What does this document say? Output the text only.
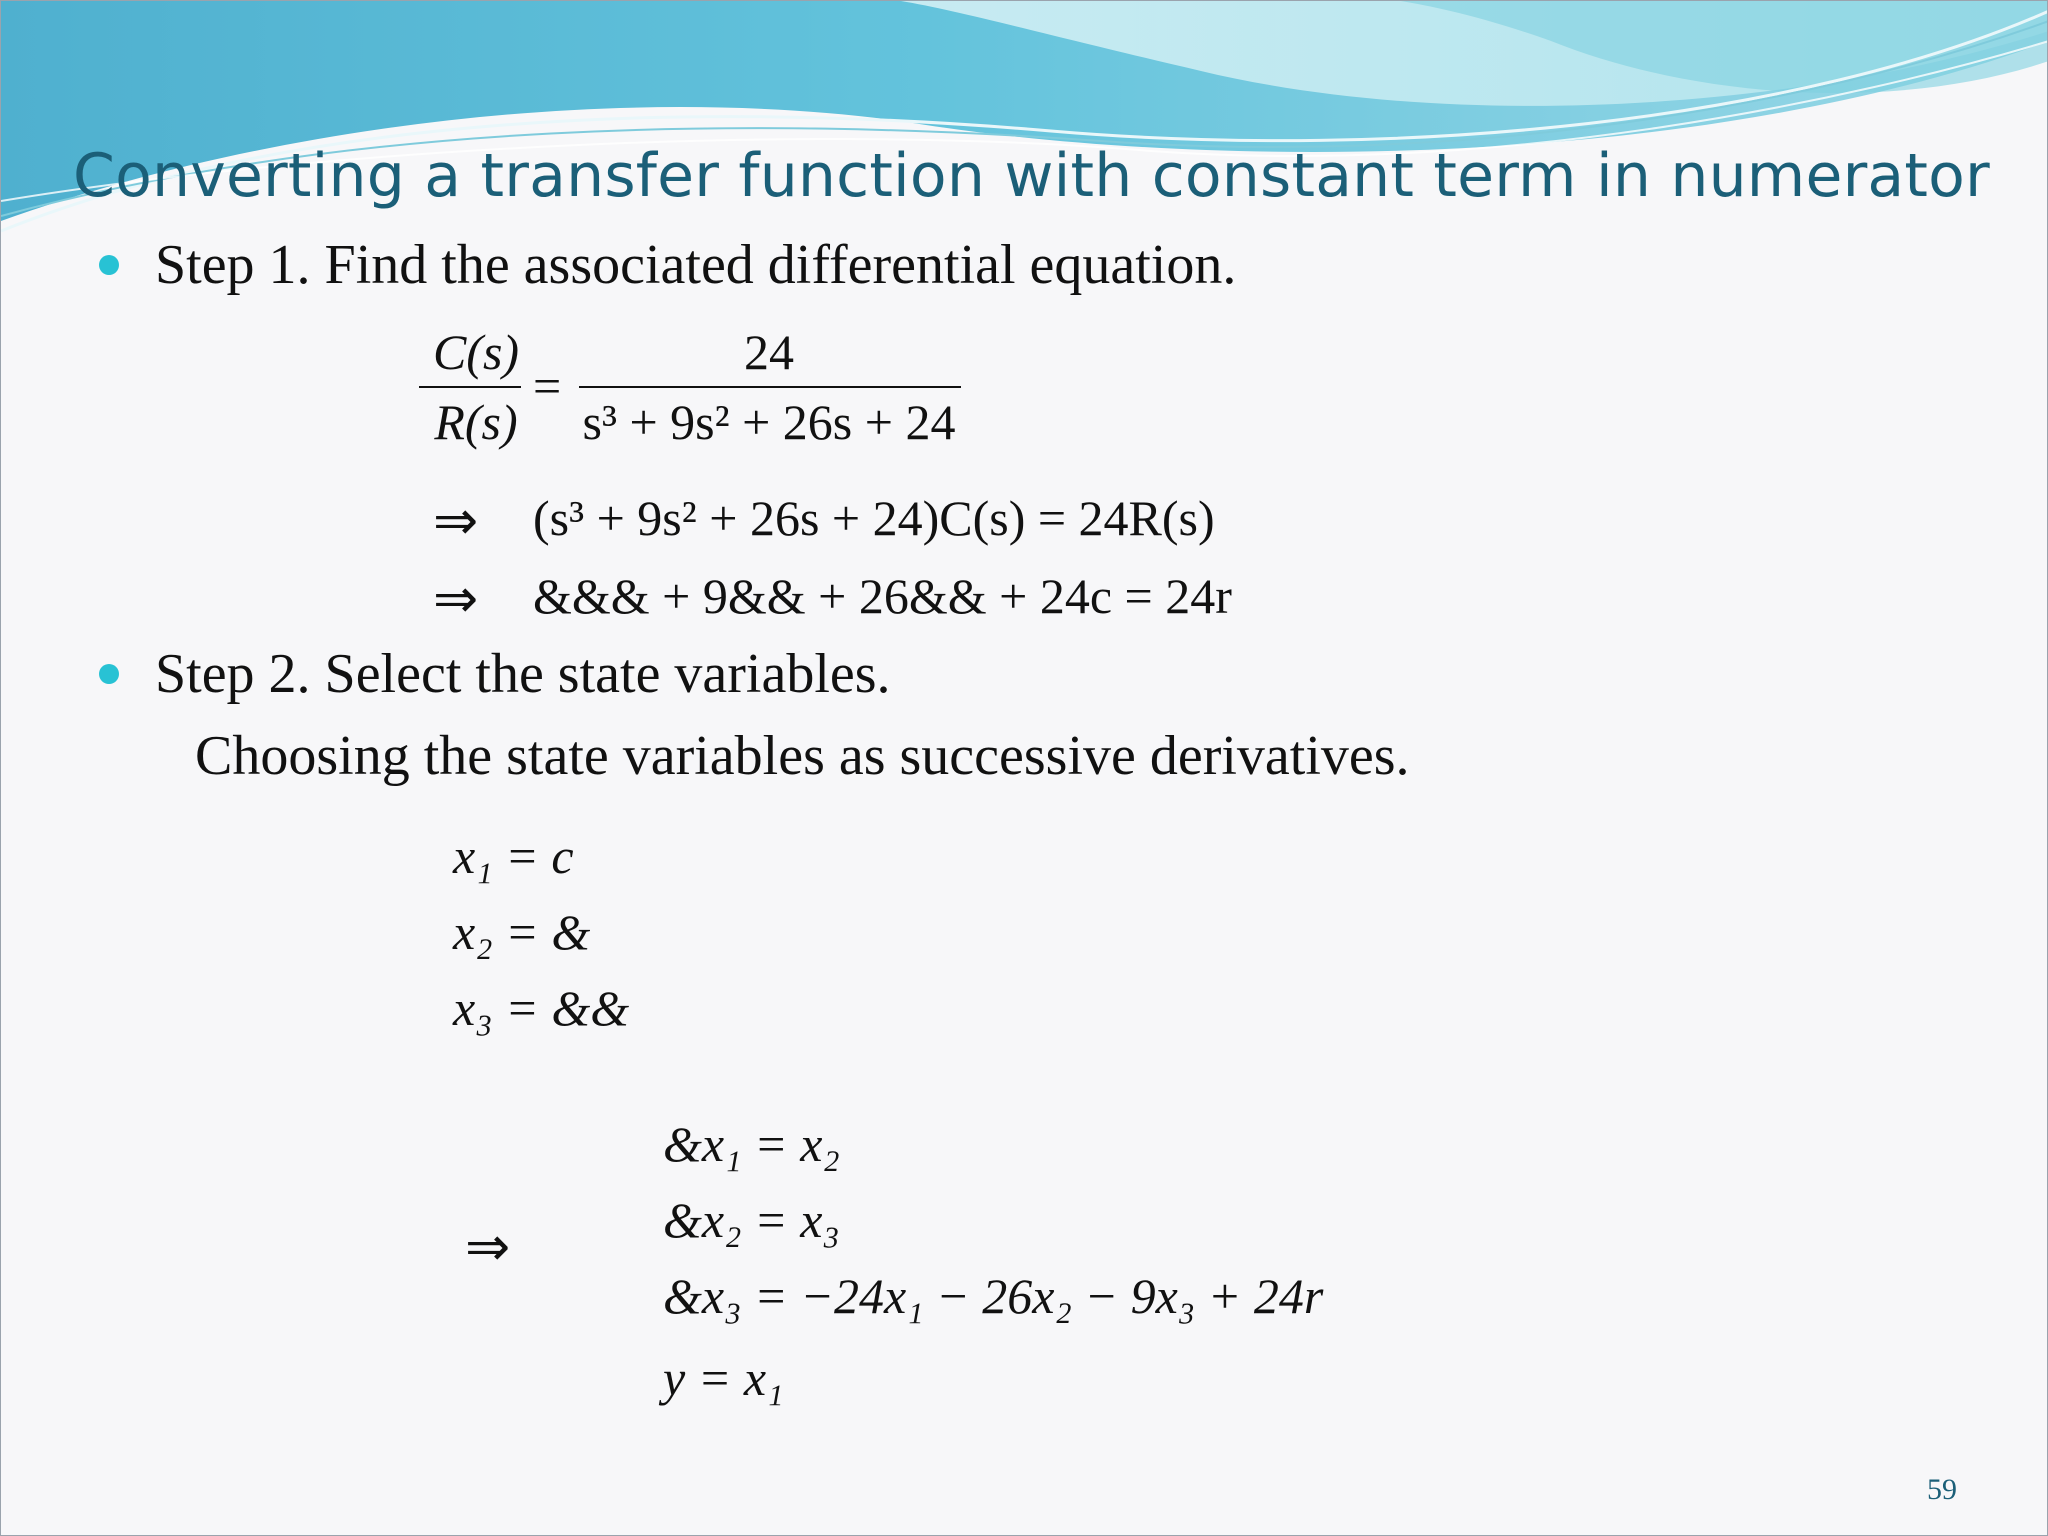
Converting a transfer function with constant term in numerator
Step 1. Find the associated differential equation.
C(s)
R(s)
=
24
s³ + 9s² + 26s + 24
⇒ (s³ + 9s² + 26s + 24)C(s) = 24R(s)
⇒ &&& + 9&& + 26&& + 24c = 24r
Step 2. Select the state variables.
Choosing the state variables as successive derivatives.
x₁ = c
x₂ = &
x₃ = &&
⇒
&x₁ = x₂
&x₂ = x₃
&x₃ = −24x₁ − 26x₂ − 9x₃ + 24r
y = x₁
59
